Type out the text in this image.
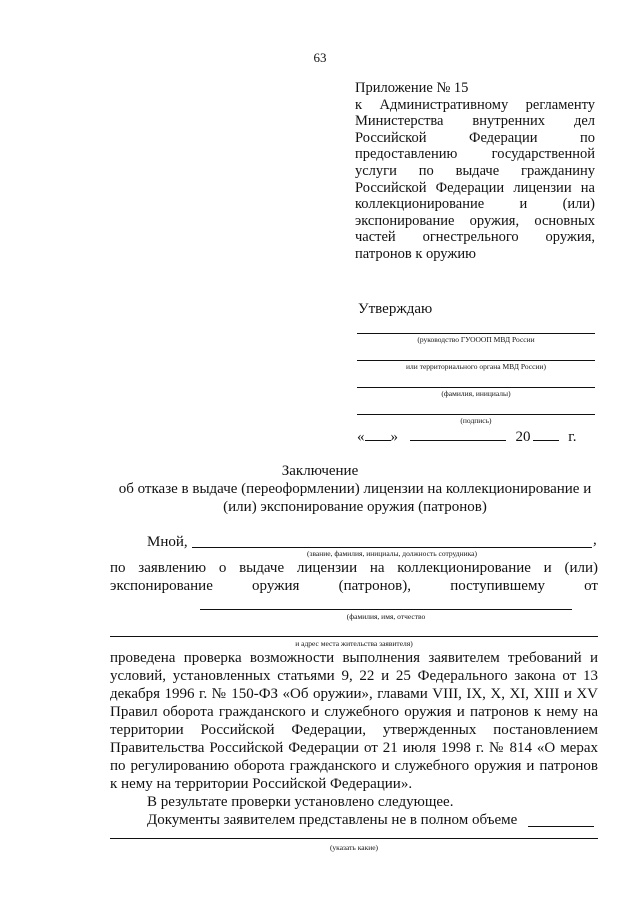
63
Приложение № 15
к Административному регламенту
Министерства внутренних дел
Российской Федерации по
предоставлению государственной
услуги по выдаче гражданину
Российской Федерации лицензии на
коллекционирование и (или)
экспонирование оружия, основных
частей огнестрельного оружия,
патронов к оружию
Утверждаю
(руководство ГУОООП МВД России
или территориального органа МВД России)
(фамилия, инициалы)
(подпись)
« »	20	г.
Заключение
об отказе в выдаче (переоформлении) лицензии на коллекционирование и (или) экспонирование оружия (патронов)
Мной,	,
(звание, фамилия, инициалы, должность сотрудника)
по заявлению о выдаче лицензии на коллекционирование и (или)
экспонирование оружия (патронов), поступившему от
(фамилия, имя, отчество
и адрес места жительства заявителя)
проведена проверка возможности выполнения заявителем требований и
условий, установленных статьями 9, 22 и 25 Федерального закона от 13
декабря 1996 г. № 150-ФЗ «Об оружии», главами VIII, IX, X, XI, XIII и XV
Правил оборота гражданского и служебного оружия и патронов к нему на
территории Российской Федерации, утвержденных постановлением
Правительства Российской Федерации от 21 июля 1998 г. № 814 «О мерах
по регулированию оборота гражданского и служебного оружия и патронов
к нему на территории Российской Федерации».
В результате проверки установлено следующее.
Документы заявителем представлены не в полном объеме
(указать какие)
